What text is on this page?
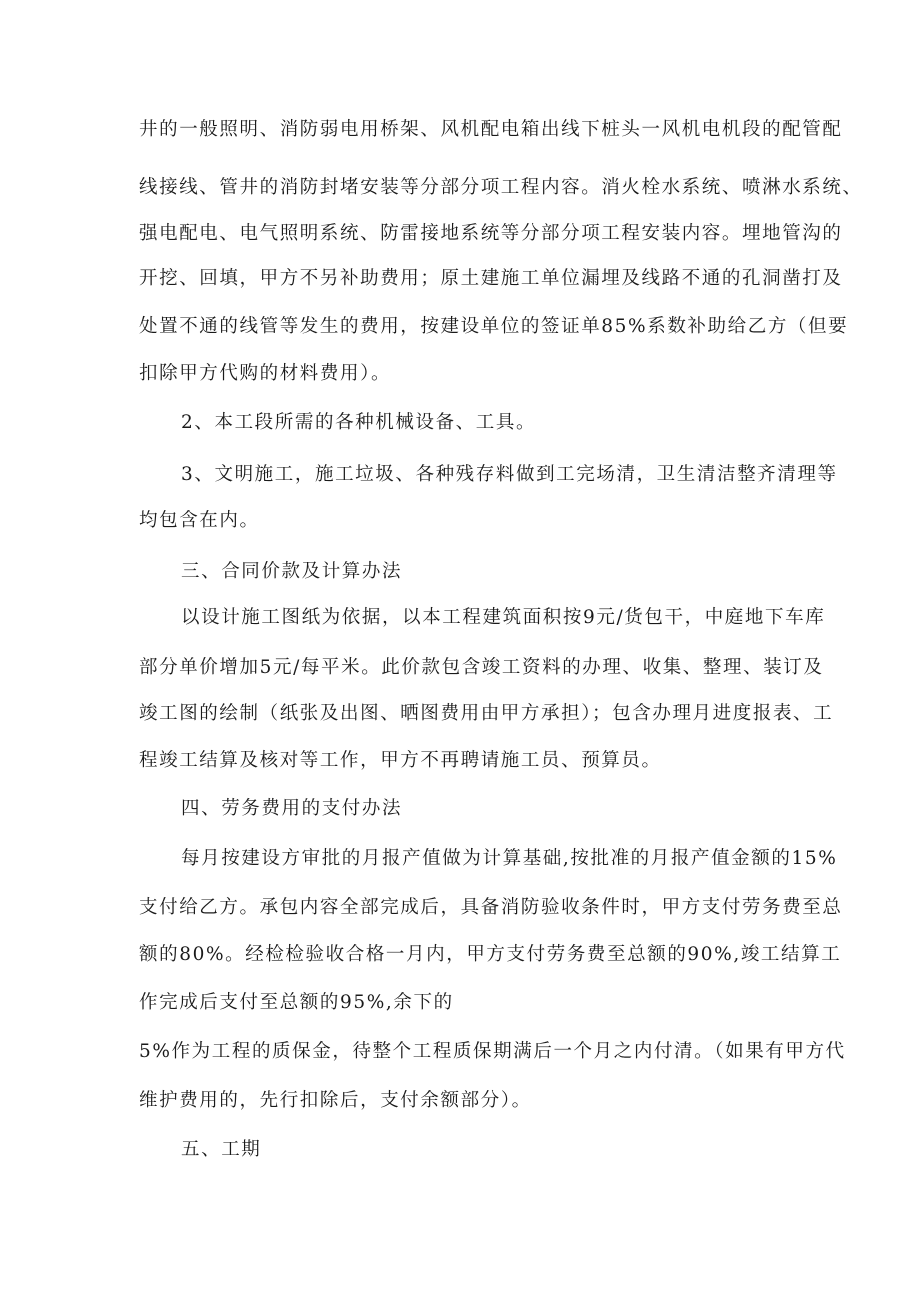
井的一般照明、消防弱电用桥架、风机配电箱出线下桩头一风机电机段的配管配
线接线、管井的消防封堵安装等分部分项工程内容。消火栓水系统、喷淋水系统、
强电配电、电气照明系统、防雷接地系统等分部分项工程安装内容。埋地管沟的
开挖、回填，甲方不另补助费用；原土建施工单位漏埋及线路不通的孔洞凿打及
处置不通的线管等发生的费用，按建设单位的签证单85%系数补助给乙方（但要
扣除甲方代购的材料费用）。
2、本工段所需的各种机械设备、工具。
3、文明施工，施工垃圾、各种残存料做到工完场清，卫生清洁整齐清理等
均包含在内。
三、合同价款及计算办法
以设计施工图纸为依据，以本工程建筑面积按9元/货包干，中庭地下车库
部分单价增加5元/每平米。此价款包含竣工资料的办理、收集、整理、装订及
竣工图的绘制（纸张及出图、晒图费用由甲方承担）；包含办理月进度报表、工
程竣工结算及核对等工作，甲方不再聘请施工员、预算员。
四、劳务费用的支付办法
每月按建设方审批的月报产值做为计算基础,按批准的月报产值金额的15%
支付给乙方。承包内容全部完成后，具备消防验收条件时，甲方支付劳务费至总
额的80%。经检检验收合格一月内，甲方支付劳务费至总额的90%,竣工结算工
作完成后支付至总额的95%,余下的
5%作为工程的质保金，待整个工程质保期满后一个月之内付清。（如果有甲方代
维护费用的，先行扣除后，支付余额部分）。
五、工期
